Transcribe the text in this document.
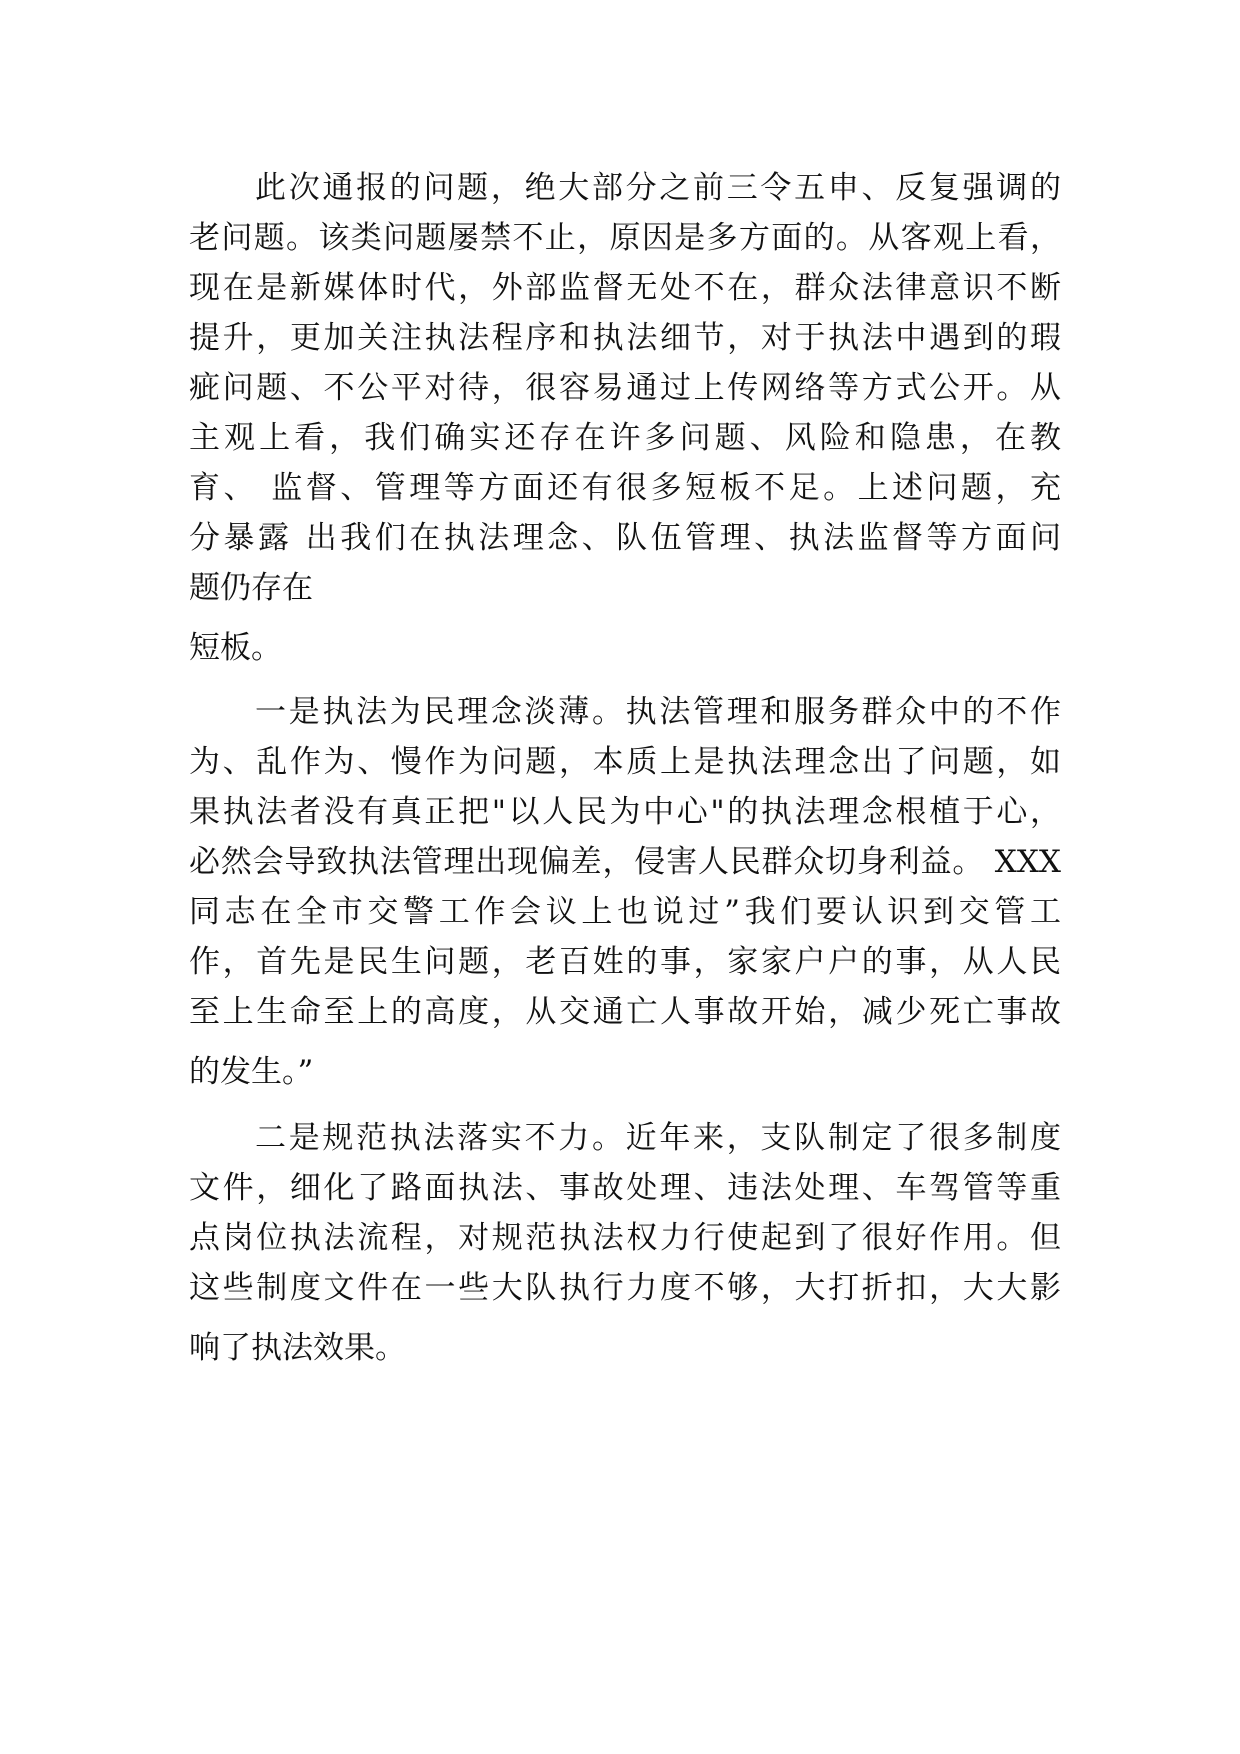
此次通报的问题，绝大部分之前三令五申、反复强调的

老问题。该类问题屡禁不止，原因是多方面的。从客观上看，

现在是新媒体时代，外部监督无处不在，群众法律意识不断

提升，更加关注执法程序和执法细节，对于执法中遇到的瑕

疵问题、不公平对待，很容易通过上传网络等方式公开。从

主观上看，我们确实还存在许多问题、风险和隐患，在教

育、 监督、管理等方面还有很多短板不足。上述问题，充

分暴露 出我们在执法理念、队伍管理、执法监督等方面问

题仍存在

短板。

一是执法为民理念淡薄。执法管理和服务群众中的不作

为、乱作为、慢作为问题，本质上是执法理念出了问题，如

果执法者没有真正把"以人民为中心"的执法理念根植于心，

必然会导致执法管理出现偏差，侵害人民群众切身利益。 XXX

同志在全市交警工作会议上也说过”我们要认识到交管工

作，首先是民生问题，老百姓的事，家家户户的事，从人民

至上生命至上的高度，从交通亡人事故开始，减少死亡事故

的发生。”

二是规范执法落实不力。近年来，支队制定了很多制度

文件，细化了路面执法、事故处理、违法处理、车驾管等重

点岗位执法流程，对规范执法权力行使起到了很好作用。但

这些制度文件在一些大队执行力度不够，大打折扣，大大影

响了执法效果。
